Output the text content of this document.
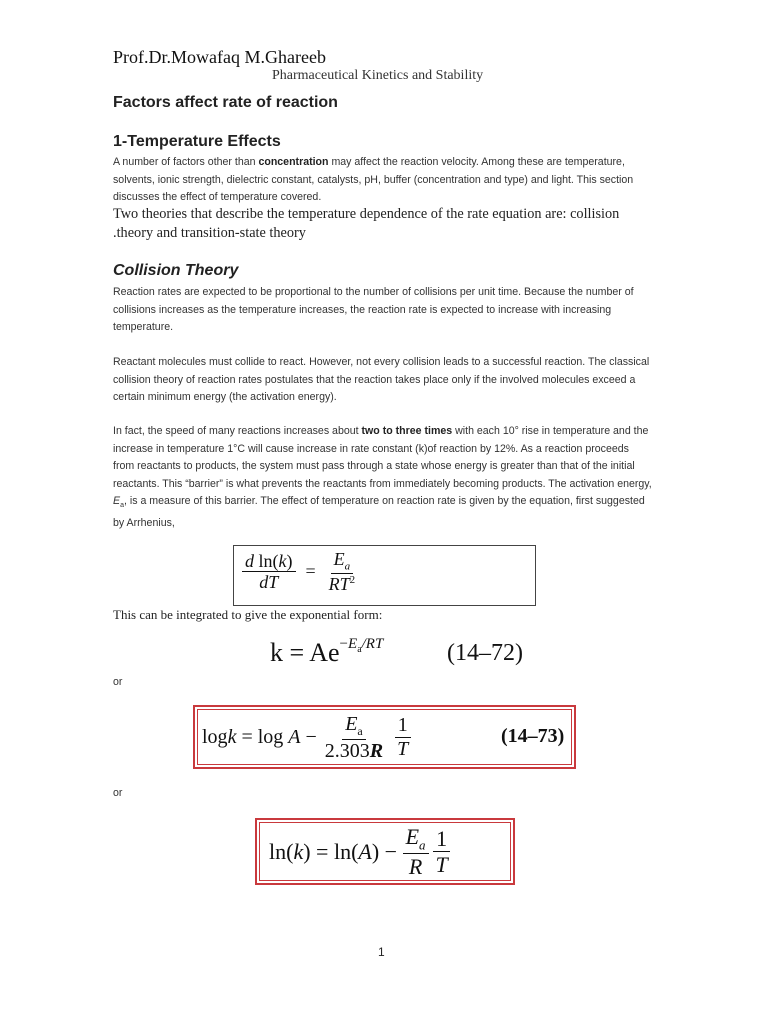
Prof.Dr.Mowafaq M.Ghareeb
Pharmaceutical Kinetics and Stability
Factors affect rate of reaction
1-Temperature Effects

A number of factors other than concentration may affect the reaction velocity. Among these are temperature, solvents, ionic strength, dielectric constant, catalysts, pH, buffer (concentration and type) and light. This section discusses the effect of temperature covered.

Two theories that describe the temperature dependence of the rate equation are: collision .theory and transition-state theory

Collision Theory

Reaction rates are expected to be proportional to the number of collisions per unit time. Because the number of collisions increases as the temperature increases, the reaction rate is expected to increase with increasing temperature.

Reactant molecules must collide to react. However, not every collision leads to a successful reaction. The classical collision theory of reaction rates postulates that the reaction takes place only if the involved molecules exceed a certain minimum energy (the activation energy).

In fact, the speed of many reactions increases about two to three times with each 10° rise in temperature and the increase in temperature 1°C will cause increase in rate constant (k)of reaction by 12%. As a reaction proceeds from reactants to products, the system must pass through a state whose energy is greater than that of the initial reactants. This “barrier” is what prevents the reactants from immediately becoming products. The activation energy, $E_a$, is a measure of this barrier. The effect of temperature on reaction rate is given by the equation, first suggested by Arrhenius,

$\frac{\text{d ln(k)}}{dT} = \frac{E_a}{RT^2}$
This can be integrated to give the exponential form:
$k = Ae^{-E_a/RT}$	(14–72)
or
$\log k = \log A - \frac{E_a}{2.303R} \frac{1}{T}$	(14–73)
or
ln( k ) = ln( A ) − $\frac{E_a}{R} \frac{1}{T}$
1
